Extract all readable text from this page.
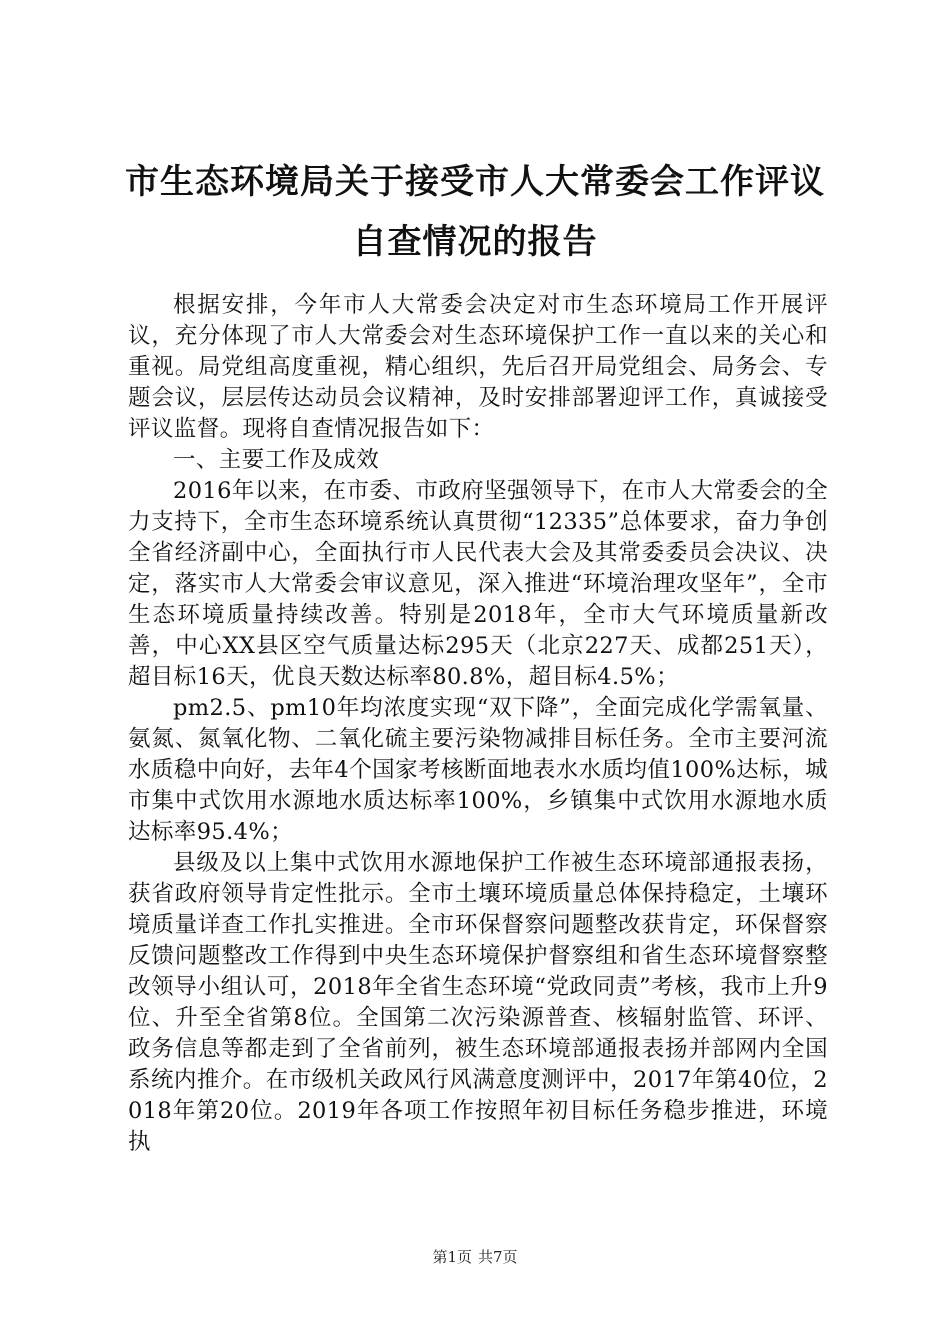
市生态环境局关于接受市人大常委会工作评议
自查情况的报告

根据安排，今年市人大常委会决定对市生态环境局工作开展评议，充分体现了市人大常委会对生态环境保护工作一直以来的关心和重视。局党组高度重视，精心组织，先后召开局党组会、局务会、专题会议，层层传达动员会议精神，及时安排部署迎评工作，真诚接受评议监督。现将自查情况报告如下：

一、主要工作及成效

2016年以来，在市委、市政府坚强领导下，在市人大常委会的全力支持下，全市生态环境系统认真贯彻“12335”总体要求，奋力争创全省经济副中心，全面执行市人民代表大会及其常委委员会决议、决定，落实市人大常委会审议意见，深入推进“环境治理攻坚年”，全市生态环境质量持续改善。特别是2018年，全市大气环境质量新改善，中心XX县区空气质量达标295天（北京227天、成都251天），超目标16天，优良天数达标率80.8%，超目标4.5%；

pm2.5、pm10年均浓度实现“双下降”，全面完成化学需氧量、氨氮、氮氧化物、二氧化硫主要污染物减排目标任务。全市主要河流水质稳中向好，去年4个国家考核断面地表水水质均值100%达标，城市集中式饮用水源地水质达标率100%，乡镇集中式饮用水源地水质达标率95.4%；

县级及以上集中式饮用水源地保护工作被生态环境部通报表扬，获省政府领导肯定性批示。全市土壤环境质量总体保持稳定，土壤环境质量详查工作扎实推进。全市环保督察问题整改获肯定，环保督察反馈问题整改工作得到中央生态环境保护督察组和省生态环境督察整改领导小组认可，2018年全省生态环境“党政同责”考核，我市上升9位、升至全省第8位。全国第二次污染源普查、核辐射监管、环评、政务信息等都走到了全省前列，被生态环境部通报表扬并部网内全国系统内推介。在市级机关政风行风满意度测评中，2017年第40位，2018年第20位。2019年各项工作按照年初目标任务稳步推进，环境执

第1页 共7页
